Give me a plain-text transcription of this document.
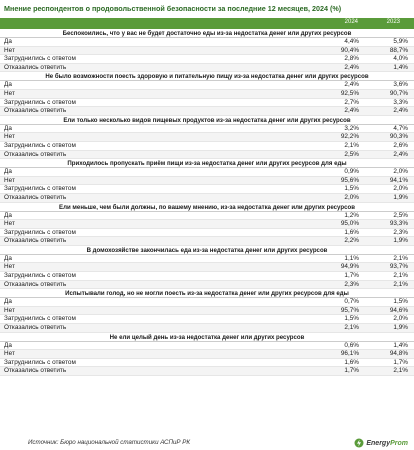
Мнение респондентов о продовольственной безопасности за последние 12 месяцев, 2024 (%)
2024	2023
Беспокоились, что у вас не будет достаточно еды из-за недостатка денег или других ресурсов
Да	4,4%	5,9%
Нет	90,4%	88,7%
Затруднились с ответом	2,8%	4,0%
Отказались ответить	2,4%	1,4%
Не было возможности поесть здоровую и питательную пищу из-за недостатка денег или других ресурсов
Да	2,4%	3,6%
Нет	92,5%	90,7%
Затруднились с ответом	2,7%	3,3%
Отказались ответить	2,4%	2,4%
Ели только несколько видов пищевых продуктов из-за недостатка денег или других ресурсов
Да	3,2%	4,7%
Нет	92,2%	90,3%
Затруднились с ответом	2,1%	2,6%
Отказались ответить	2,5%	2,4%
Приходилось пропускать приём пищи из-за недостатка денег или других ресурсов для еды
Да	0,9%	2,0%
Нет	95,6%	94,1%
Затруднились с ответом	1,5%	2,0%
Отказались ответить	2,0%	1,9%
Ели меньше, чем были должны, по вашему мнению, из-за недостатка денег или других ресурсов
Да	1,2%	2,5%
Нет	95,0%	93,3%
Затруднились с ответом	1,6%	2,3%
Отказались ответить	2,2%	1,9%
В домохозяйстве закончилась еда из-за недостатка денег или других ресурсов
Да	1,1%	2,1%
Нет	94,9%	93,7%
Затруднились с ответом	1,7%	2,1%
Отказались ответить	2,3%	2,1%
Испытывали голод, но не могли поесть из-за недостатка денег или других ресурсов для еды
Да	0,7%	1,5%
Нет	95,7%	94,6%
Затруднились с ответом	1,5%	2,0%
Отказались ответить	2,1%	1,9%
Не ели целый день из-за недостатка денег или других ресурсов
Да	0,6%	1,4%
Нет	96,1%	94,8%
Затруднились с ответом	1,6%	1,7%
Отказались ответить	1,7%	2,1%
Источник: Бюро национальной статистики АСПиР РК	EnergyProm
